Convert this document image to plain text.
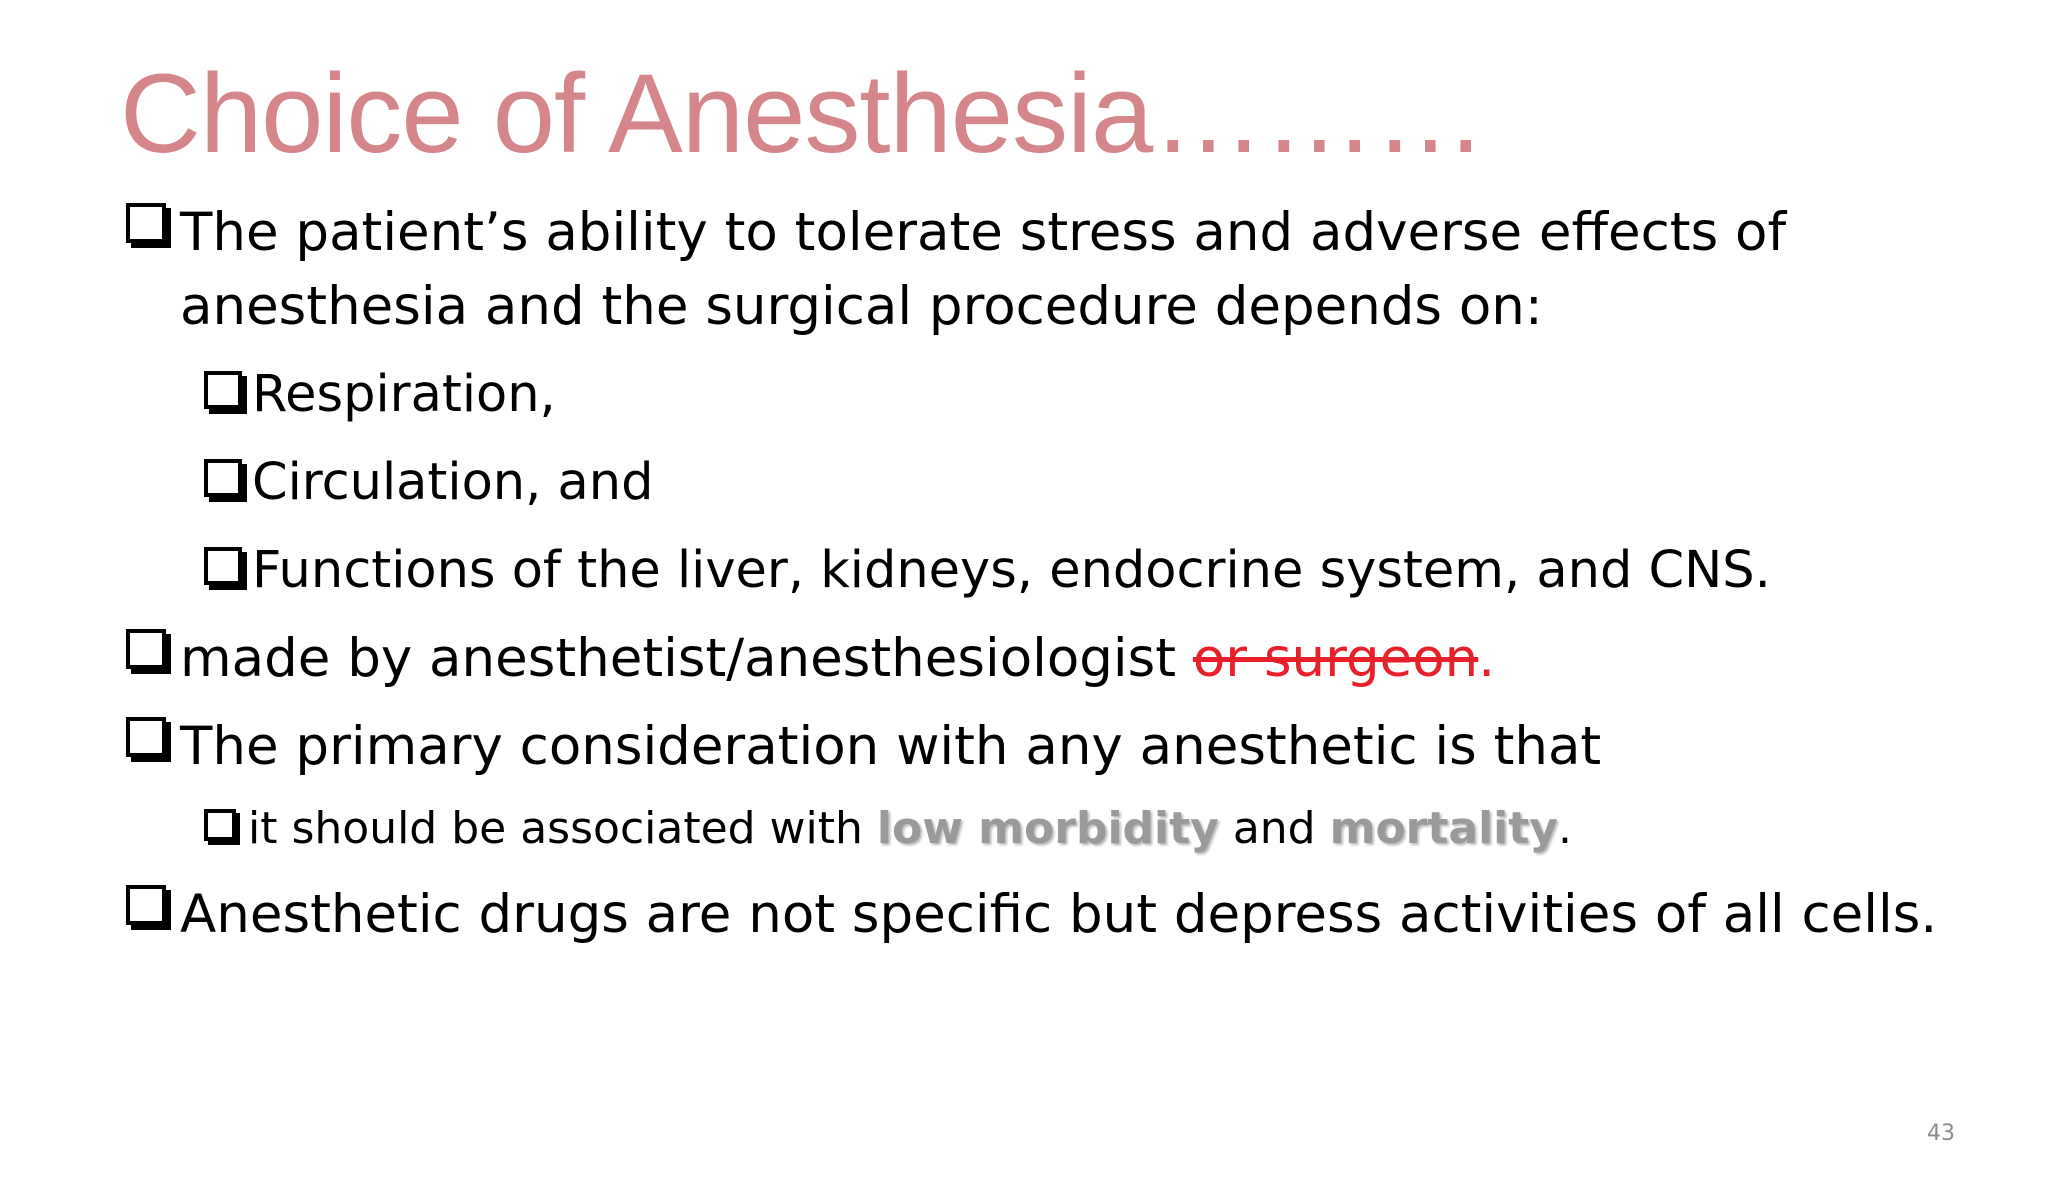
Choice of Anesthesia………
The patient’s ability to tolerate stress and adverse effects of anesthesia and the surgical procedure depends on:
Respiration,
Circulation, and
Functions of the liver, kidneys, endocrine system, and CNS.
made by anesthetist/anesthesiologist or surgeon.
The primary consideration with any anesthetic is that
it should be associated with low morbidity and mortality.
Anesthetic drugs are not specific but depress activities of all cells.
43
